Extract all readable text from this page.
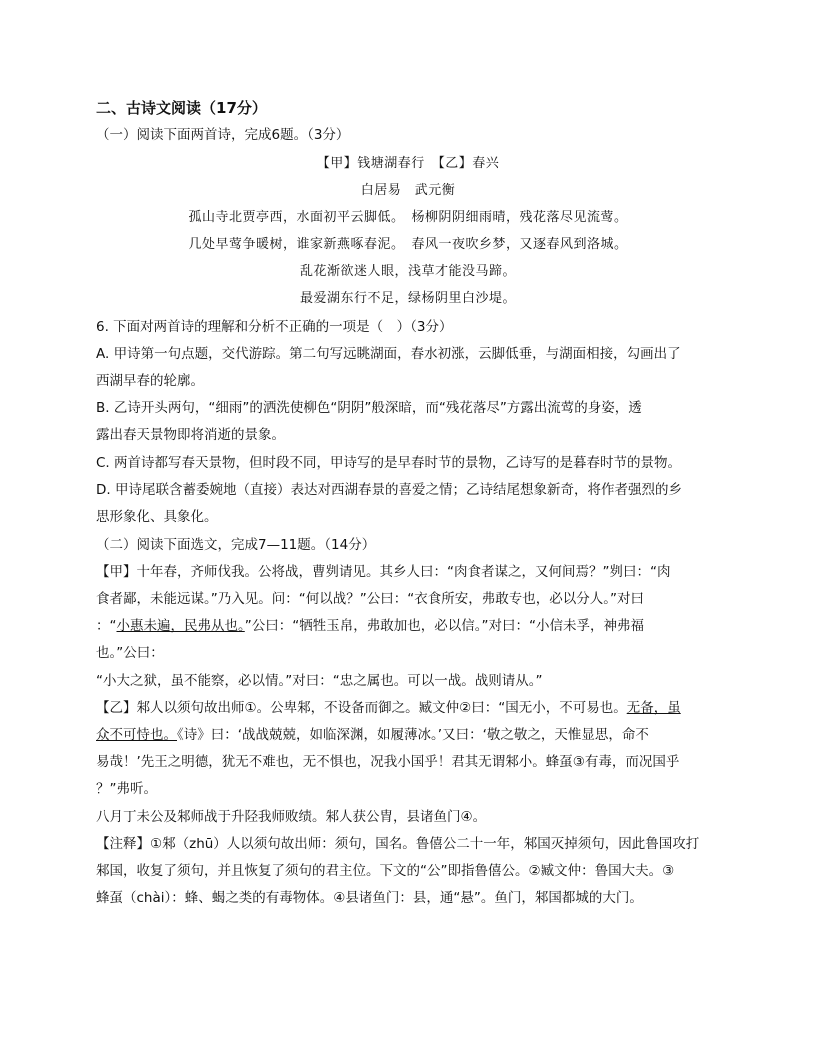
二、古诗文阅读（17分）
（一）阅读下面两首诗，完成6题。（3分）
【甲】钱塘湖春行　【乙】春兴
白居易　武元衡
孤山寺北贾亭西，水面初平云脚低。　杨柳阴阴细雨晴，残花落尽见流莺。
几处早莺争暖树，谁家新燕啄春泥。　春风一夜吹乡梦，又逐春风到洛城。
乱花渐欲迷人眼，浅草才能没马蹄。
最爱湖东行不足，绿杨阴里白沙堤。
6. 下面对两首诗的理解和分析不正确的一项是（　）（3分）
A. 甲诗第一句点题，交代游踪。第二句写远眺湖面，春水初涨，云脚低垂，与湖面相接，勾画出了
西湖早春的轮廓。
B. 乙诗开头两句，“细雨”的洒洗使柳色“阴阴”般深暗，而“残花落尽”方露出流莺的身姿，透
露出春天景物即将消逝的景象。
C. 两首诗都写春天景物，但时段不同，甲诗写的是早春时节的景物，乙诗写的是暮春时节的景物。
D. 甲诗尾联含蓄委婉地（直接）表达对西湖春景的喜爱之情；乙诗结尾想象新奇，将作者强烈的乡
思形象化、具象化。
（二）阅读下面选文，完成7—11题。（14分）
【甲】十年春，齐师伐我。公将战，曹刿请见。其乡人曰：“肉食者谋之，又何间焉？”刿曰：“肉
食者鄙，未能远谋。”乃入见。问：“何以战？”公曰：“衣食所安，弗敢专也，必以分人。”对曰
：“小惠未遍，民弗从也。”公曰：“牺牲玉帛，弗敢加也，必以信。”对曰：“小信未孚，神弗福
也。”公曰：
“小大之狱，虽不能察，必以情。”对曰：“忠之属也。可以一战。战则请从。”
【乙】邾人以须句故出师①。公卑邾，不设备而御之。臧文仲②曰：“国无小，不可易也。无备，虽
众不可恃也。《诗》曰：‘战战兢兢，如临深渊，如履薄冰。’又曰：‘敬之敬之，天惟显思，命不
易哉！’先王之明德，犹无不难也，无不惧也，况我小国乎！君其无谓邾小。蜂虿③有毒，而况国乎
？”弗听。
八月丁未公及邾师战于升陉我师败绩。邾人获公胄，县诸鱼门④。
【注释】①邾（zhū）人以须句故出师：须句，国名。鲁僖公二十一年，邾国灭掉须句，因此鲁国攻打
邾国，收复了须句，并且恢复了须句的君主位。下文的“公”即指鲁僖公。②臧文仲：鲁国大夫。③
蜂虿（chài）：蜂、蝎之类的有毒物体。④县诸鱼门：县，通“悬”。鱼门，邾国都城的大门。
